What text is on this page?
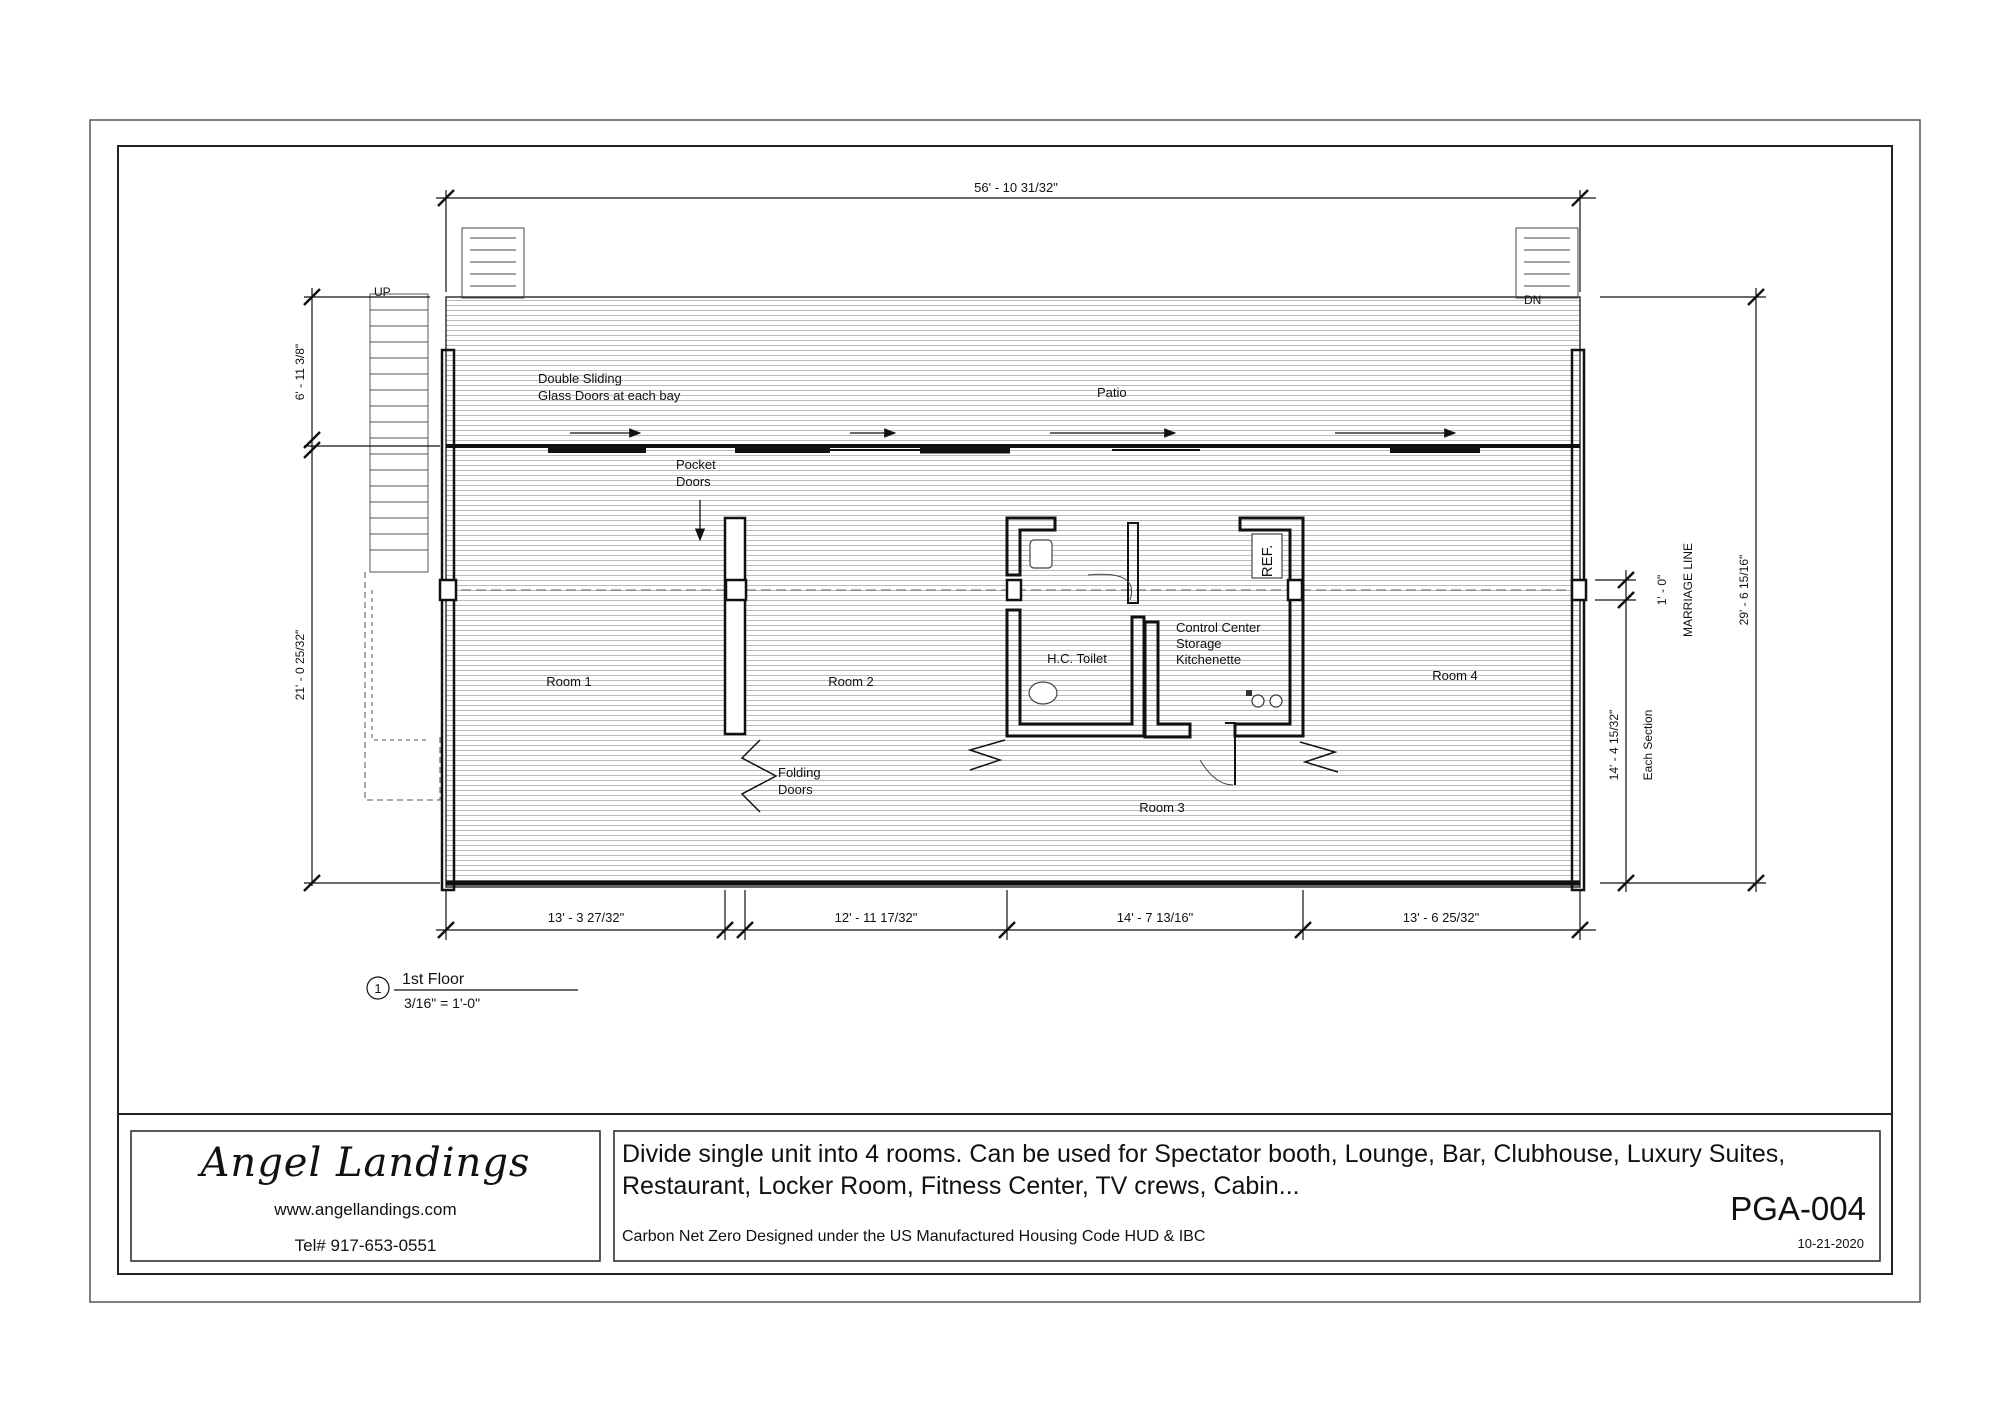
56' - 10 31/32"
UP
DN
6' - 11 3/8"
21' - 0 25/32"
1' - 0" MARRIAGE LINE	29' - 6 15/16"
14' - 4 15/32" Each Section
Double Sliding
Glass Doors at each bay	Patio
Pocket
Doors
REF.
Room 1	Room 2
Room 3
Room 4
H.C. Toilet
Control Center
Storage
Kitchenette
Folding
Doors
13' - 3 27/32"	12' - 11 17/32"	14' - 7 13/16"	13' - 6 25/32"
1
1st Floor
3/16" = 1'-0"
Angel Landings
www.angellandings.com
Tel# 917-653-0551
Divide single unit into 4 rooms. Can be used for Spectator booth, Lounge, Bar, Clubhouse, Luxury Suites, Restaurant, Locker Room, Fitness Center, TV crews, Cabin...
PGA-004
Carbon Net Zero Designed under the US Manufactured Housing Code HUD & IBC	10-21-2020
